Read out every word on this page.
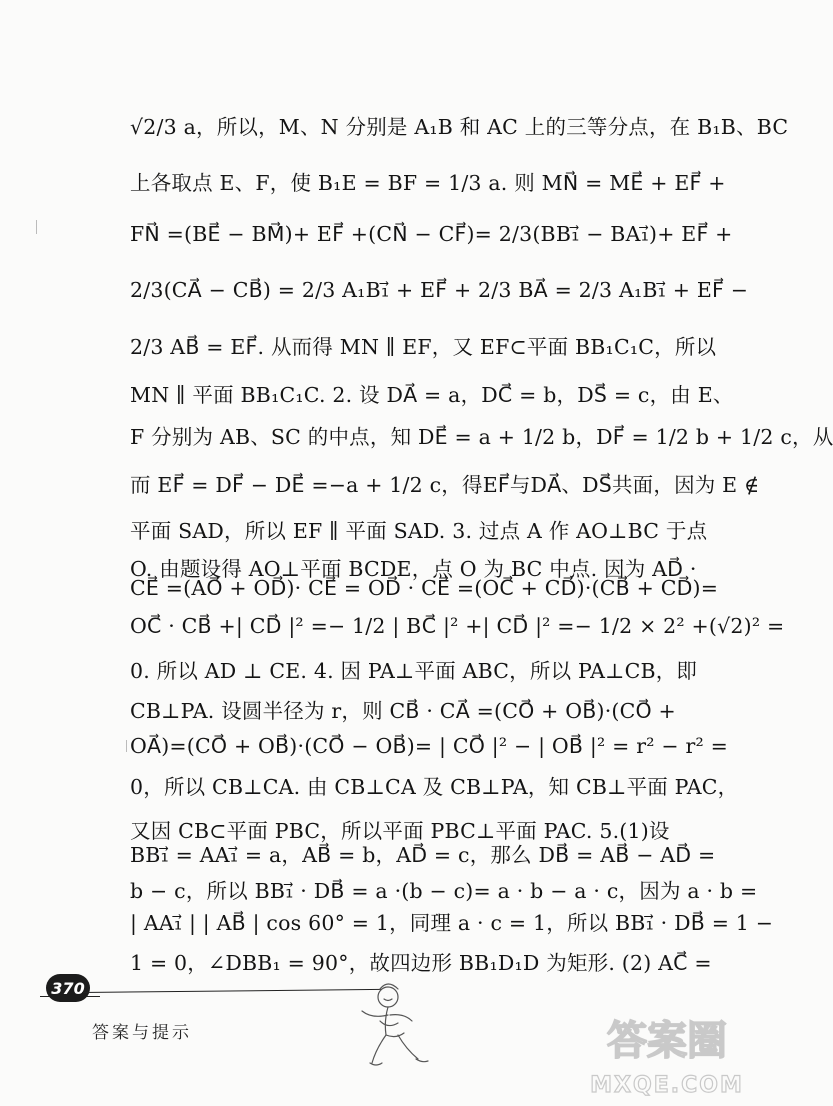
√2/3 a，所以，M、N 分别是 A₁B 和 AC 上的三等分点，在 B₁B、BC
上各取点 E、F，使 B₁E = BF = 1/3 a. 则 MN⃗ = ME⃗ + EF⃗ +
FN⃗ =(BE⃗ − BM⃗)+ EF⃗ +(CN⃗ − CF⃗)= 2/3(BB₁⃗ − BA₁⃗)+ EF⃗ +
2/3(CA⃗ − CB⃗) = 2/3 A₁B₁⃗ + EF⃗ + 2/3 BA⃗ = 2/3 A₁B₁⃗ + EF⃗ −
2/3 AB⃗ = EF⃗. 从而得 MN ∥ EF，又 EF⊂平面 BB₁C₁C，所以
MN ∥ 平面 BB₁C₁C. 2. 设 DA⃗ = a，DC⃗ = b，DS⃗ = c，由 E、
F 分别为 AB、SC 的中点，知 DE⃗ = a + 1/2 b，DF⃗ = 1/2 b + 1/2 c，从
而 EF⃗ = DF⃗ − DE⃗ =−a + 1/2 c，得EF⃗与DA⃗、DS⃗共面，因为 E ∉
平面 SAD，所以 EF ∥ 平面 SAD. 3. 过点 A 作 AO⊥BC 于点
O. 由题设得 AO⊥平面 BCDE，点 O 为 BC 中点. 因为 AD⃗ ·
CE⃗ =(AO⃗ + OD⃗)· CE⃗ = OD⃗ · CE⃗ =(OC⃗ + CD⃗)·(CB⃗ + CD⃗)=
OC⃗ · CB⃗ +| CD⃗ |² =− 1/2 | BC⃗ |² +| CD⃗ |² =− 1/2 × 2² +(√2)² =
0. 所以 AD ⊥ CE. 4. 因 PA⊥平面 ABC，所以 PA⊥CB，即
CB⊥PA. 设圆半径为 r，则 CB⃗ · CA⃗ =(CO⃗ + OB⃗)·(CO⃗ +
OA⃗)=(CO⃗ + OB⃗)·(CO⃗ − OB⃗)= | CO⃗ |² − | OB⃗ |² = r² − r² =
0，所以 CB⊥CA. 由 CB⊥CA 及 CB⊥PA，知 CB⊥平面 PAC，
又因 CB⊂平面 PBC，所以平面 PBC⊥平面 PAC. 5.(1)设
BB₁⃗ = AA₁⃗ = a，AB⃗ = b，AD⃗ = c，那么 DB⃗ = AB⃗ − AD⃗ =
b − c，所以 BB₁⃗ · DB⃗ = a ·(b − c)= a · b − a · c，因为 a · b =
| AA₁⃗ | | AB⃗ | cos 60° = 1，同理 a · c = 1，所以 BB₁⃗ · DB⃗ = 1 −
1 = 0，∠DBB₁ = 90°，故四边形 BB₁D₁D 为矩形. (2) AC⃗ =
370
答案与提示	答案圈
MXQE.COM
